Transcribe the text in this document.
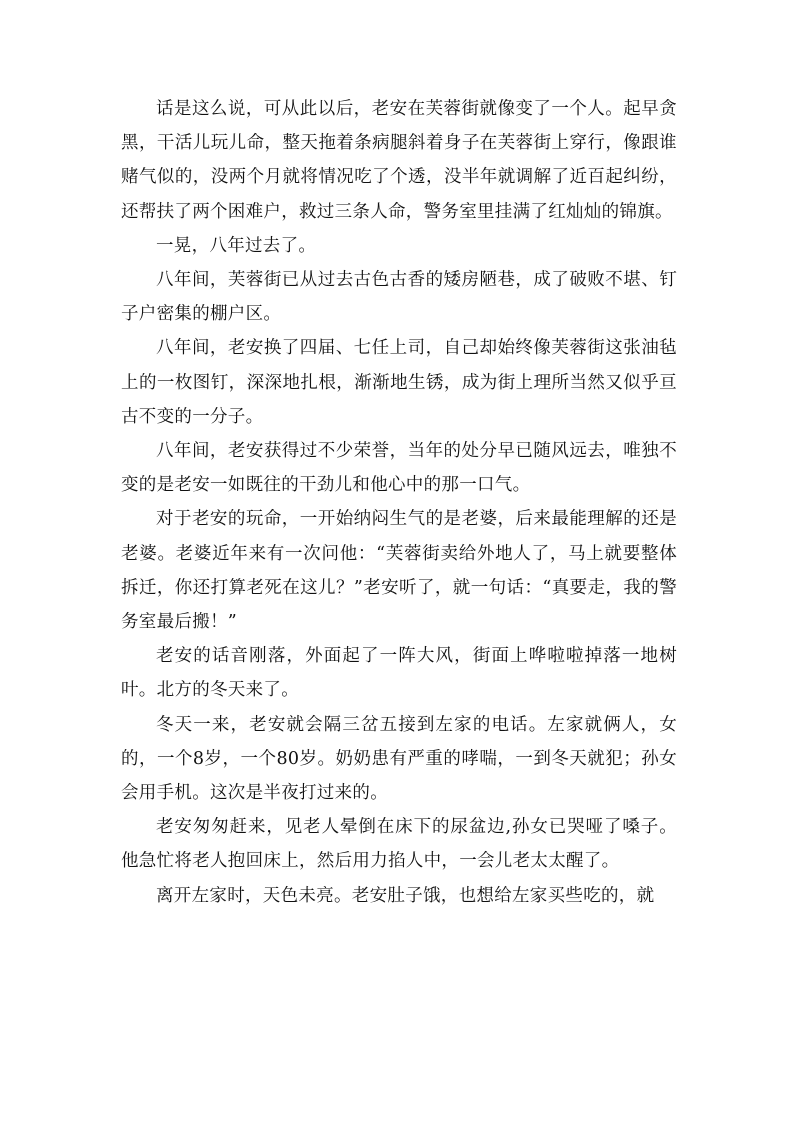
话是这么说，可从此以后，老安在芙蓉街就像变了一个人。起早贪黑，干活儿玩儿命，整天拖着条病腿斜着身子在芙蓉街上穿行，像跟谁赌气似的，没两个月就将情况吃了个透，没半年就调解了近百起纠纷，还帮扶了两个困难户，救过三条人命，警务室里挂满了红灿灿的锦旗。

一晃，八年过去了。

八年间，芙蓉街已从过去古色古香的矮房陋巷，成了破败不堪、钉子户密集的棚户区。

八年间，老安换了四届、七任上司，自己却始终像芙蓉街这张油毡上的一枚图钉，深深地扎根，渐渐地生锈，成为街上理所当然又似乎亘古不变的一分子。

八年间，老安获得过不少荣誉，当年的处分早已随风远去，唯独不变的是老安一如既往的干劲儿和他心中的那一口气。

对于老安的玩命，一开始纳闷生气的是老婆，后来最能理解的还是老婆。老婆近年来有一次问他：“芙蓉街卖给外地人了，马上就要整体拆迁，你还打算老死在这儿？”老安听了，就一句话：“真要走，我的警务室最后搬！”

老安的话音刚落，外面起了一阵大风，街面上哗啦啦掉落一地树叶。北方的冬天来了。

冬天一来，老安就会隔三岔五接到左家的电话。左家就俩人，女的，一个8岁，一个80岁。奶奶患有严重的哮喘，一到冬天就犯；孙女会用手机。这次是半夜打过来的。

老安匆匆赶来，见老人晕倒在床下的尿盆边,孙女已哭哑了嗓子。他急忙将老人抱回床上，然后用力掐人中，一会儿老太太醒了。

离开左家时，天色未亮。老安肚子饿，也想给左家买些吃的，就
